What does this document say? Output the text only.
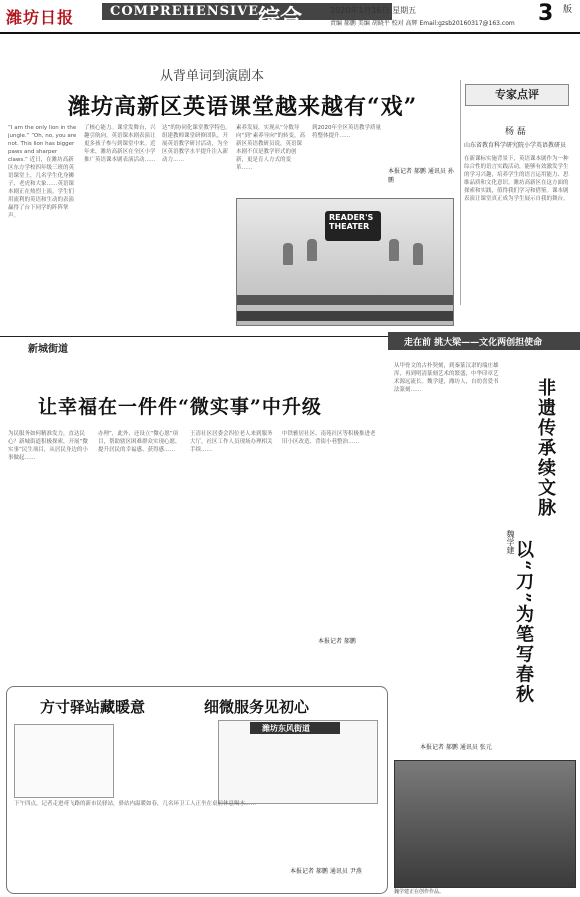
潍坊日报	COMPREHENSIVE
综合	2020年1月16日 星期五
责编 郝鹏 美编 胡晓平 校对 高辉 Email:gzsb20160317@163.com 3 版
从背单词到演剧本
潍坊高新区英语课堂越来越有“戏”
“I am the only lion in the jungle.” “Oh, no, you are not. This lion has bigger paws and sharper claws.” 近日，在潍坊高新区东方学校四年级三班的英语课堂上，几名学生化身狮子、老虎和大象……英语课本剧正在热烈上演。学生们用流利的英语和生动的表演赢得了台下同学的阵阵掌声。
了核心能力。课堂发舞台，兴趣引航向。英语课本剧表演让更多孩子参与到课堂中来。近年来，潍坊高新区在全区小学推广英语课本剧表演活动……
达”的协同化课堂教学特色。组建教师课堂研修团队，开展英语教学研讨活动，为全区英语教学水平提升注入新动力……
素养发展，实现从“分数导向”到“素养导向”的转变。高新区英语教研员说，英语课本剧不仅是教学形式的创新，更是育人方式的变革……
到2020年全区英语教学质量将整体提升……
本报记者 郝鹏 通讯员 孙鹏
READER'S THEATER
专家点评
杨 磊
山东省教育科学研究院小学英语教研员
在新课标实施背景下，英语课本剧作为一种综合性的语言实践活动，能够有效激发学生的学习兴趣，培养学生的语言运用能力、思维品质和文化意识。潍坊高新区在这方面的探索和实践，值得我们学习和借鉴。课本剧表演让课堂真正成为学生展示自我的舞台。
新城街道
让幸福在一件件“微实事”中升级
为民服务如何精准发力，直达民心？新城街道积极探索，开展“微实事”民生项目，从居民身边的小事做起……
办理”，此外，还设立“微心愿”项目，帮助辖区困难群众实现心愿，提升居民的幸福感、获得感……
王清社区居委会四位老人来到服务大厅，社区工作人员现场办理相关手续……
中铁雅居社区、南苑社区等积极推进老旧小区改造、背街小巷整治……
本报记者 郝鹏
走在前 挑大梁——文化两创担使命
非遗传承续文脉
魏学建
以“刀”为笔写春秋
从甲骨文的古朴契刻，到秦篆汉隶的端庄雄浑，再到明清篆刻艺术的繁盛，中华印章艺术源远流长。魏学建，潍坊人，自幼喜爱书法篆刻……
本报记者 郝鹏 通讯员 张元
魏学建正在创作作品。
方寸驿站藏暖意	细微服务见初心
潍坊东风街道
下午四点，记者走进鸢飞路的新市民驿站，驿站内温暖如春，几名环卫工人正坐在桌前休息喝水……
本报记者 郝鹏 通讯员 尹燕
